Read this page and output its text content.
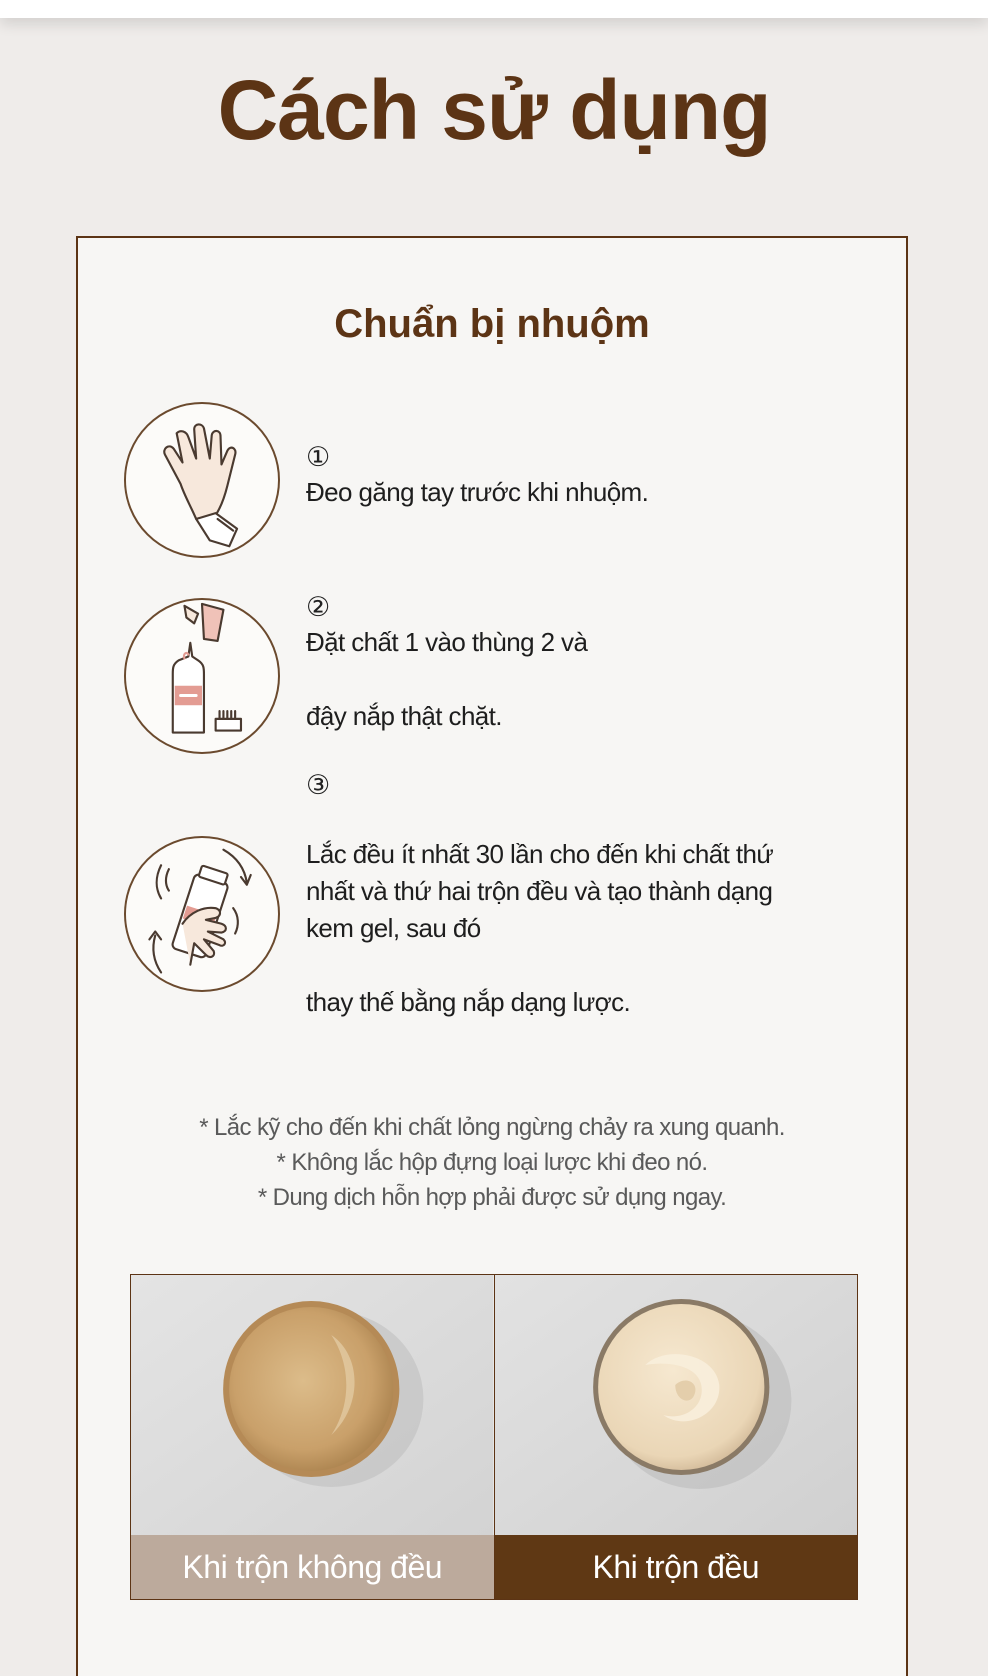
Cách sử dụng
Chuẩn bị nhuộm
①
Đeo găng tay trước khi nhuộm.
②
Đặt chất 1 vào thùng 2 và
đậy nắp thật chặt.
③
Lắc đều ít nhất 30 lần cho đến khi chất thứ
nhất và thứ hai trộn đều và tạo thành dạng
kem gel, sau đó
thay thế bằng nắp dạng lược.
* Lắc kỹ cho đến khi chất lỏng ngừng chảy ra xung quanh.
* Không lắc hộp đựng loại lược khi đeo nó.
* Dung dịch hỗn hợp phải được sử dụng ngay.
Khi trộn không đều	Khi trộn đều
